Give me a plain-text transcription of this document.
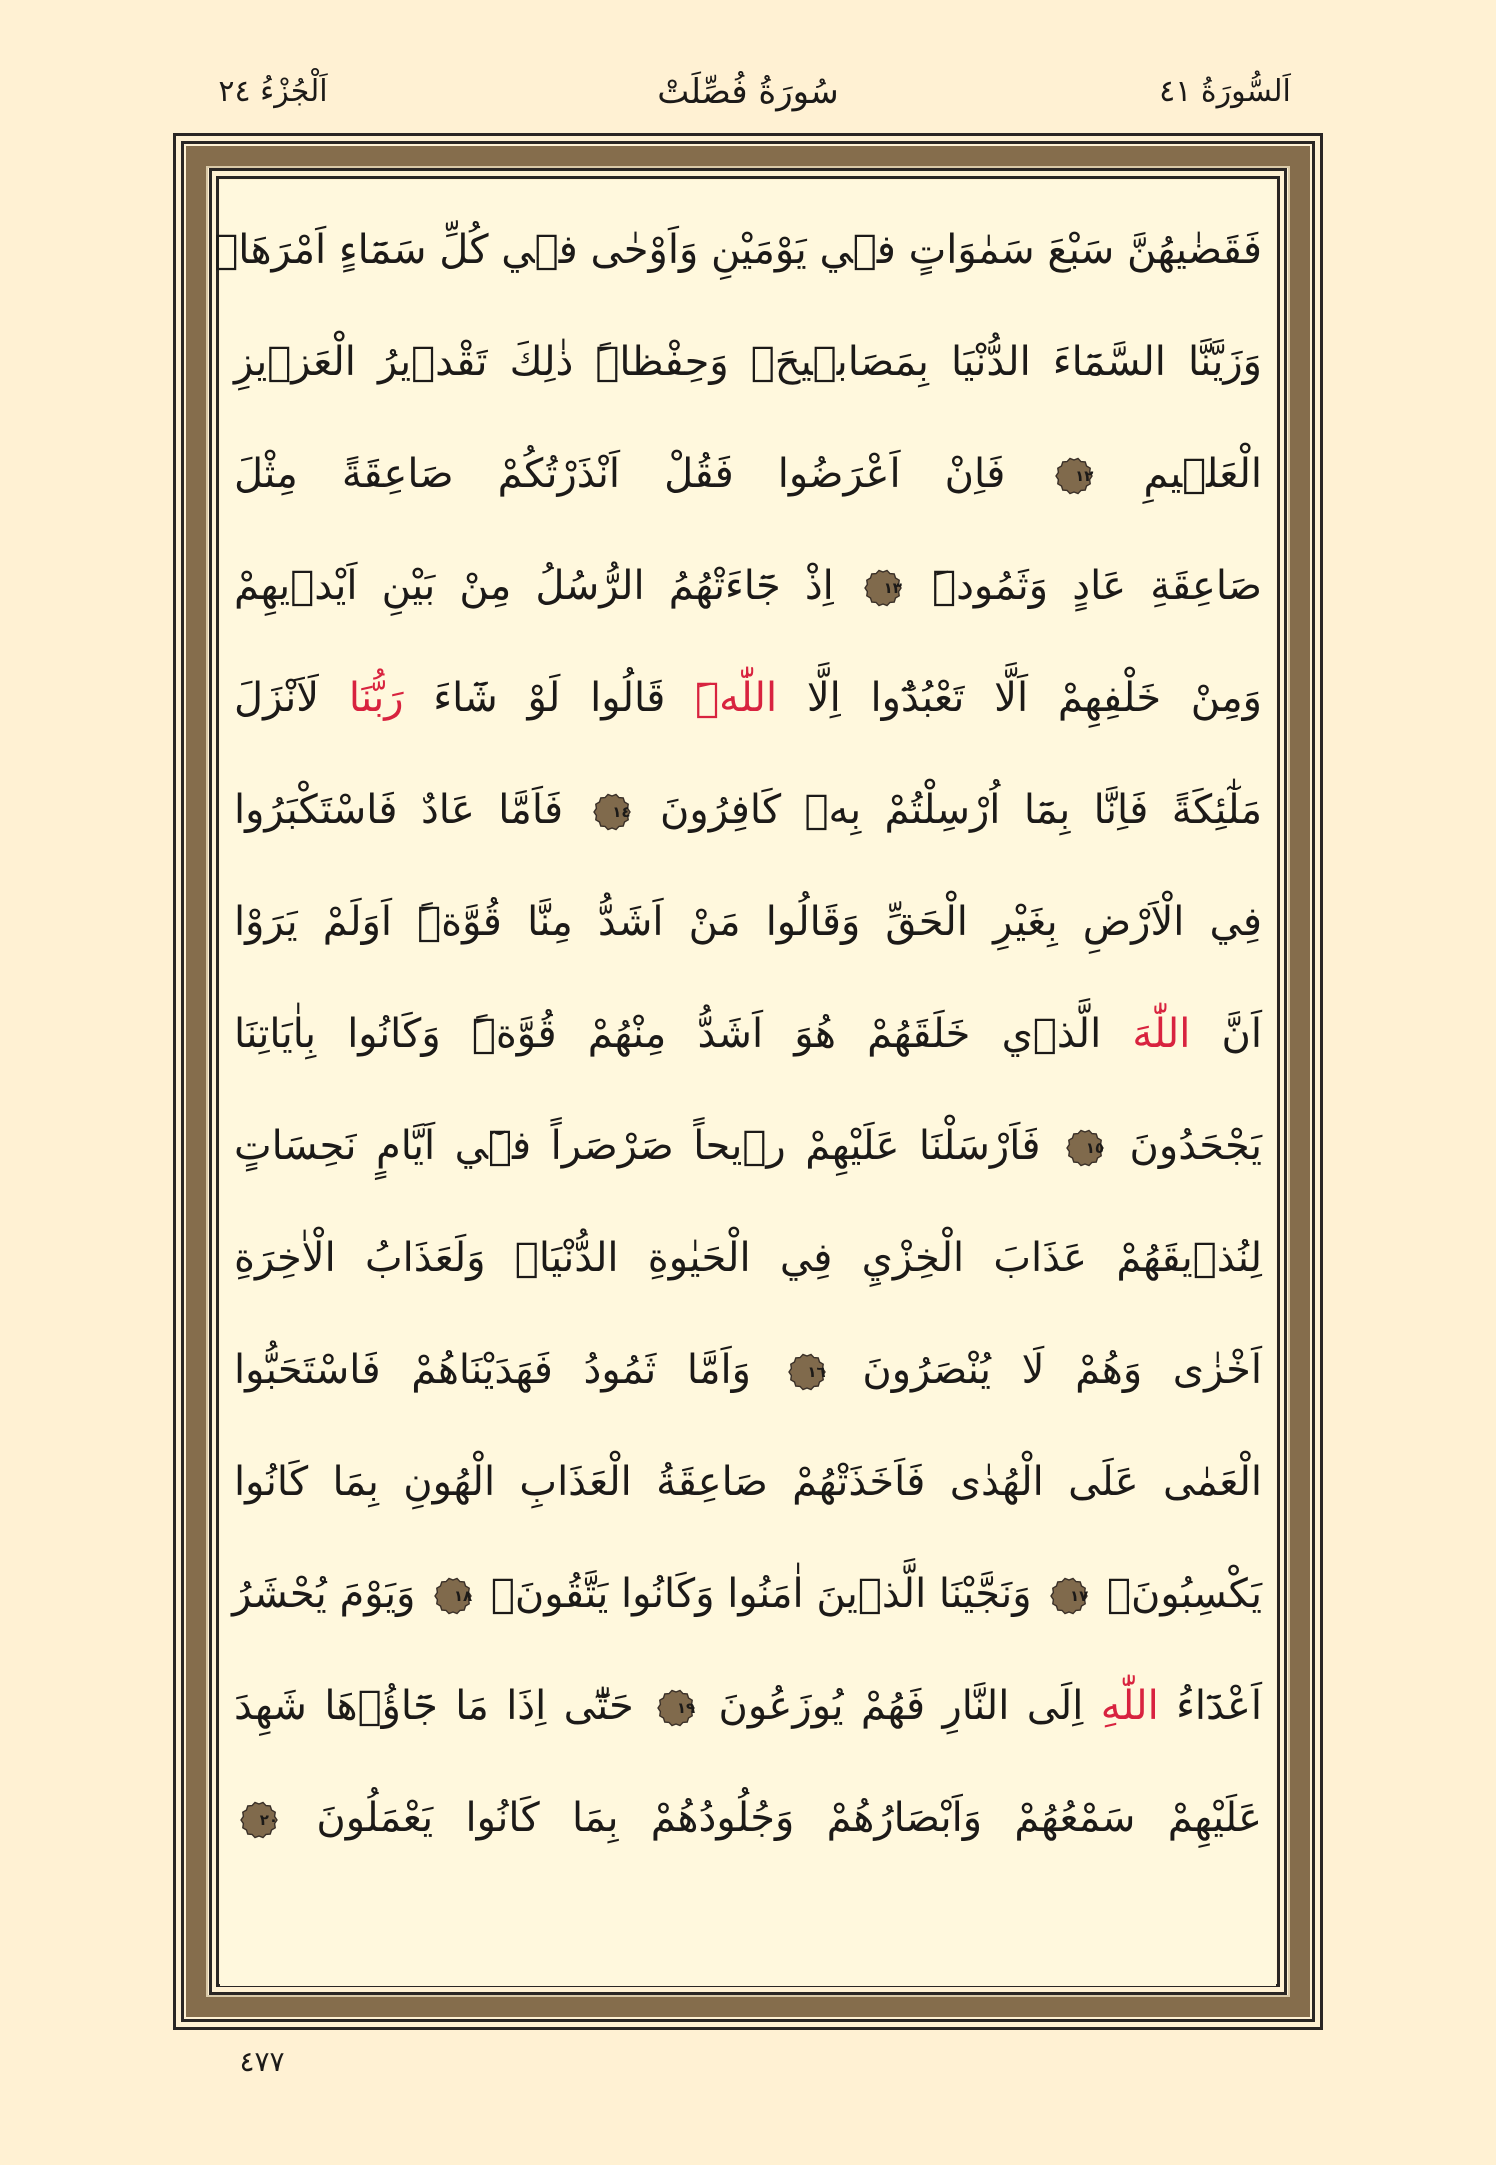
اَلْجُزْءُ ٢٤	سُورَةُ فُصِّلَتْ	اَلسُّورَةُ ٤١
فَقَضٰيهُنَّ سَبْعَ سَمٰوَاتٍ ف۪ي يَوْمَيْنِ وَاَوْحٰى ف۪ي كُلِّ سَمَٓاءٍ اَمْرَهَاۜ
وَزَيَّنَّا السَّمَٓاءَ الدُّنْيَا بِمَصَاب۪يحَۗ وَحِفْظاًۜ ذٰلِكَ تَقْد۪يرُ الْعَز۪يزِ
الْعَل۪يمِ
١٢
فَاِنْ اَعْرَضُوا فَقُلْ اَنْذَرْتُكُمْ صَاعِقَةً مِثْلَ
صَاعِقَةِ عَادٍ وَثَمُودَۜ
١٣
اِذْ جَٓاءَتْهُمُ الرُّسُلُ مِنْ بَيْنِ اَيْد۪يهِمْ
وَمِنْ خَلْفِهِمْ اَلَّا تَعْبُدُٓوا اِلَّا اللّٰهَۜ قَالُوا لَوْ شَٓاءَ رَبُّنَا لَاَنْزَلَ
مَلٰٓئِكَةً فَاِنَّا بِمَٓا اُرْسِلْتُمْ بِه۪ كَافِرُونَ
١٤
فَاَمَّا عَادٌ فَاسْتَكْبَرُوا
فِي الْاَرْضِ بِغَيْرِ الْحَقِّ وَقَالُوا مَنْ اَشَدُّ مِنَّا قُوَّةًۜ اَوَلَمْ يَرَوْا
اَنَّ اللّٰهَ الَّذ۪ي خَلَقَهُمْ هُوَ اَشَدُّ مِنْهُمْ قُوَّةًۜ وَكَانُوا بِاٰيَاتِنَا
يَجْحَدُونَ
١٥
فَاَرْسَلْنَا عَلَيْهِمْ ر۪يحاً صَرْصَراً ف۪ٓي اَيَّامٍ نَحِسَاتٍ
لِنُذ۪يقَهُمْ عَذَابَ الْخِزْيِ فِي الْحَيٰوةِ الدُّنْيَاۜ وَلَعَذَابُ الْاٰخِرَةِ
اَخْزٰى وَهُمْ لَا يُنْصَرُونَ
١٦
وَاَمَّا ثَمُودُ فَهَدَيْنَاهُمْ فَاسْتَحَبُّوا
الْعَمٰى عَلَى الْهُدٰى فَاَخَذَتْهُمْ صَاعِقَةُ الْعَذَابِ الْهُونِ بِمَا كَانُوا
يَكْسِبُونَۚ
١٧
وَنَجَّيْنَا الَّذ۪ينَ اٰمَنُوا وَكَانُوا يَتَّقُونَ۠
١٨
وَيَوْمَ يُحْشَرُ
اَعْدَٓاءُ اللّٰهِ اِلَى النَّارِ فَهُمْ يُوزَعُونَ
١٩
حَتّٰٓى اِذَا مَا جَٓاؤُ۫هَا شَهِدَ
عَلَيْهِمْ سَمْعُهُمْ وَاَبْصَارُهُمْ وَجُلُودُهُمْ بِمَا كَانُوا يَعْمَلُونَ
٢٠
٤٧٧
